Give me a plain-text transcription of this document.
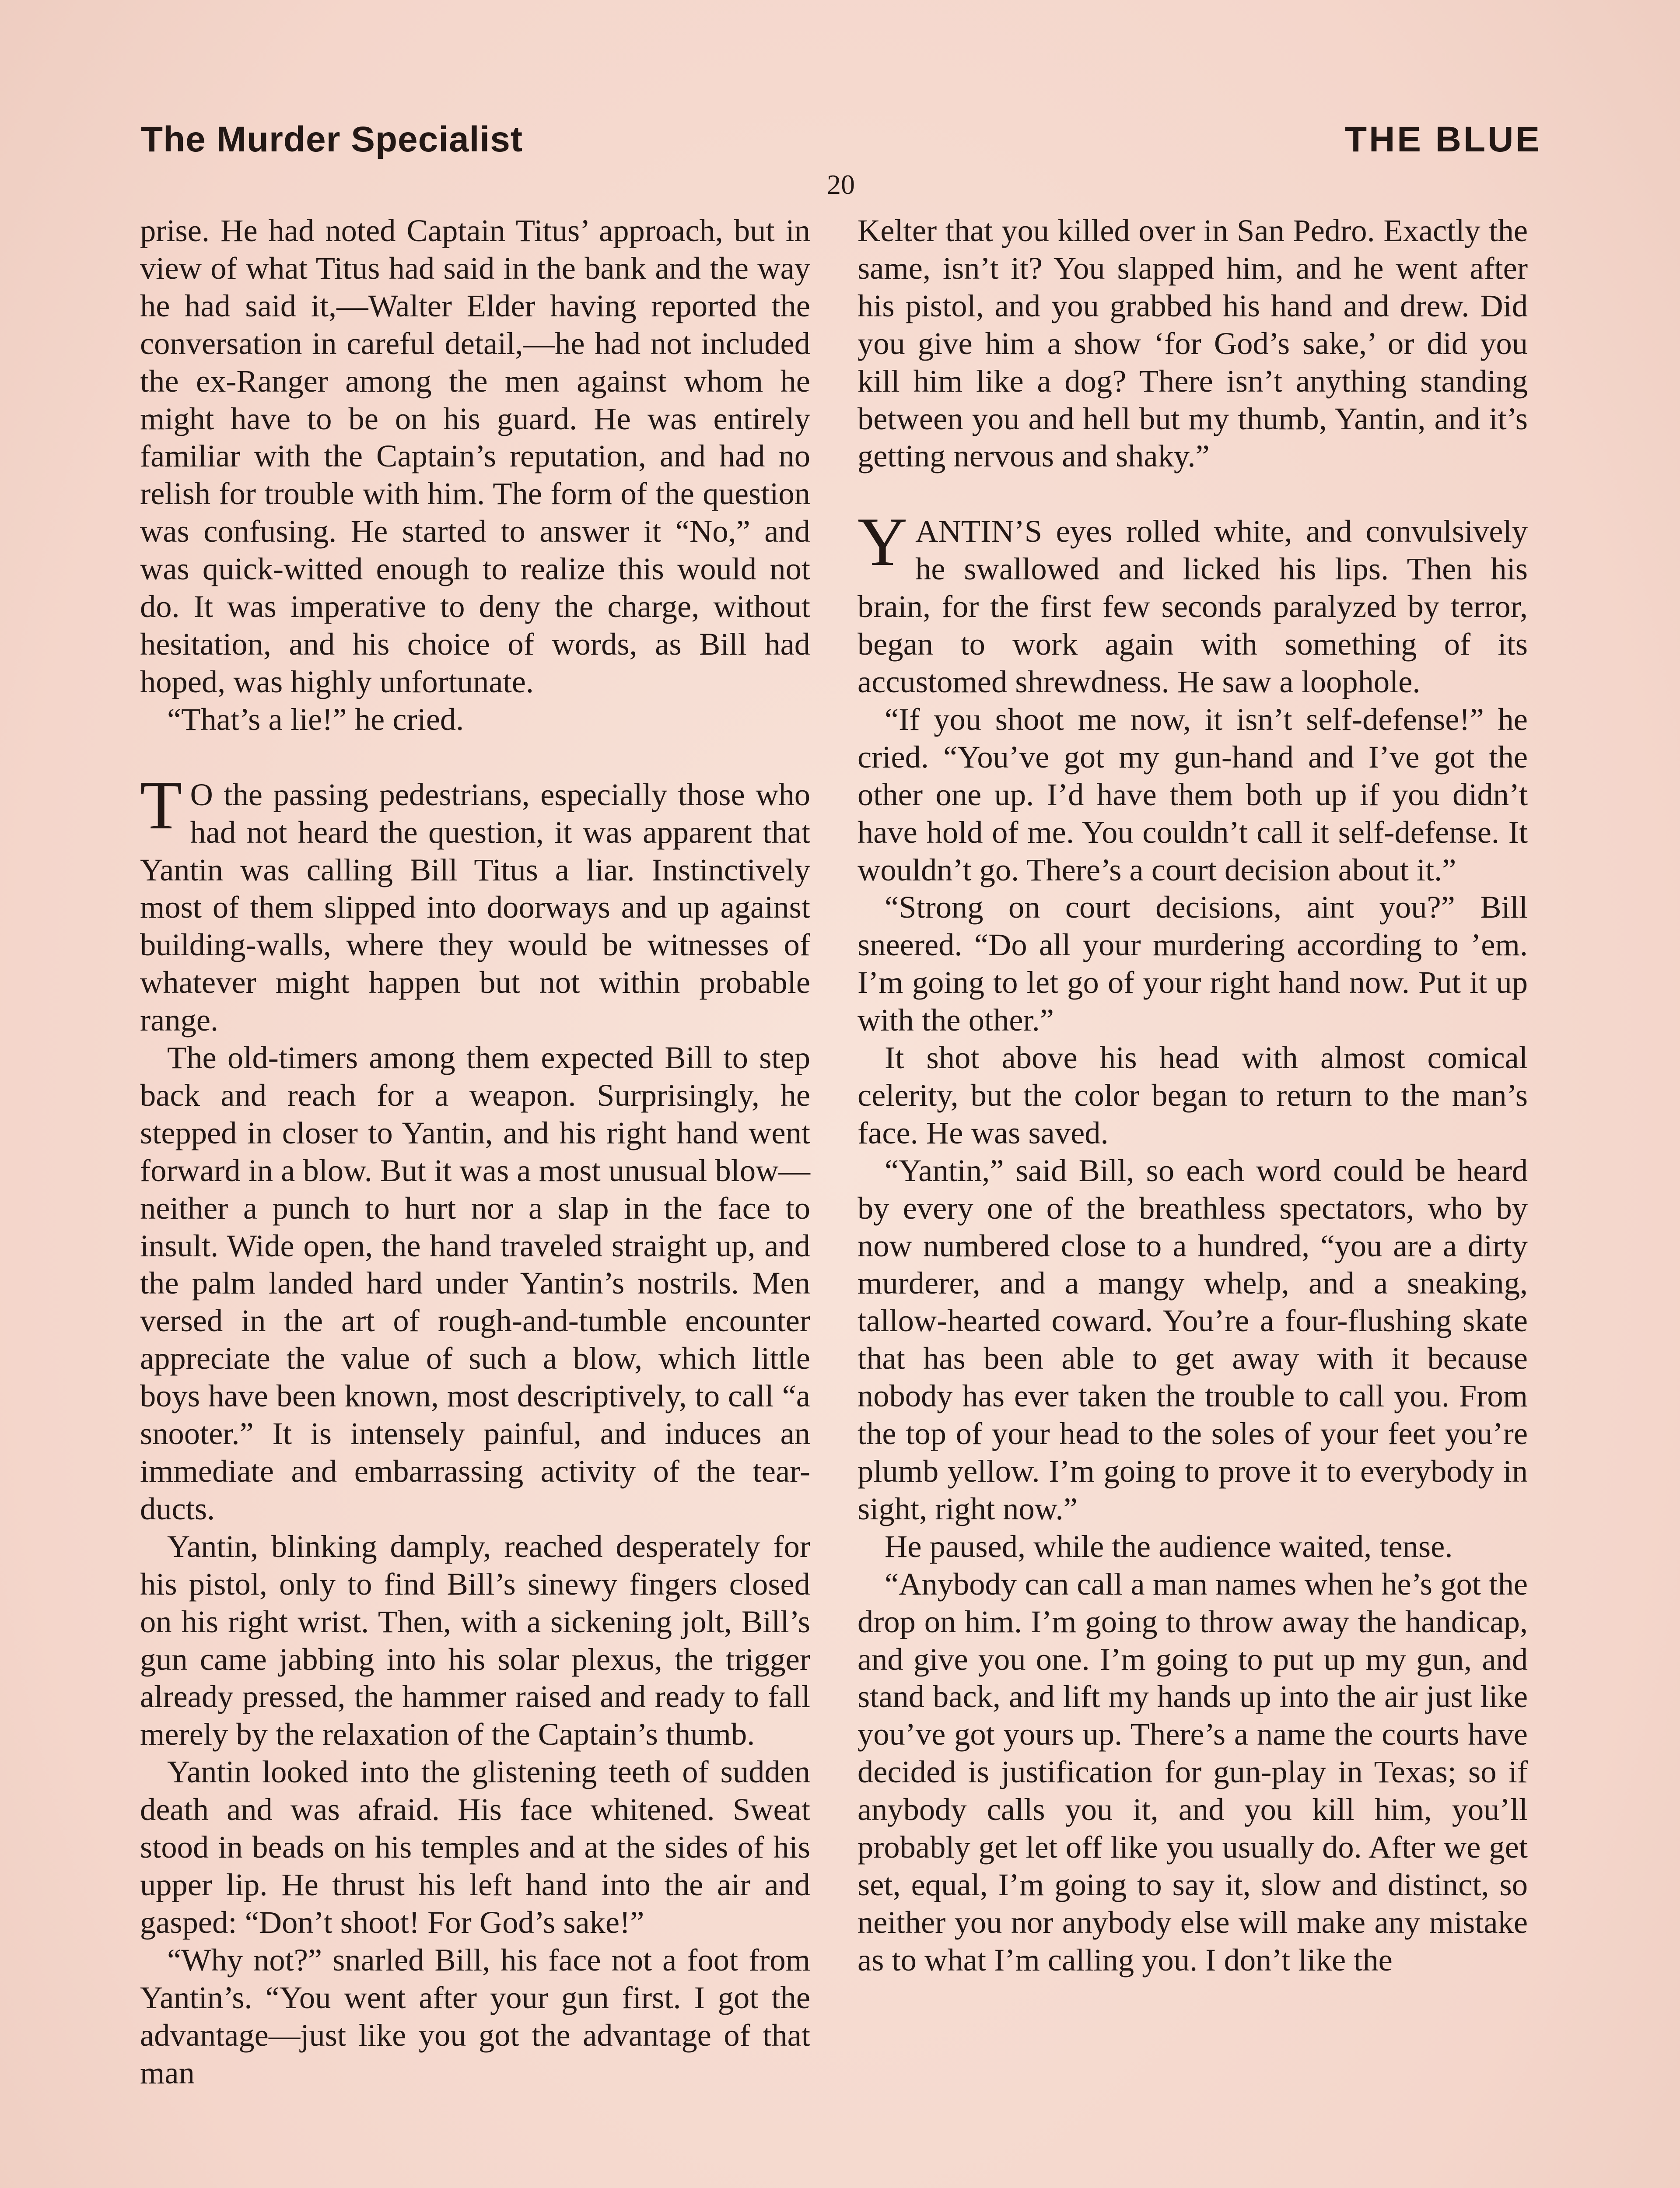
The Murder Specialist	THE BLUE
20

prise. He had noted Captain Titus’ approach, but in view of what Titus had said in the bank and the way he had said it,—Walter Elder having reported the conversation in careful detail,—he had not included the ex-Ranger among the men against whom he might have to be on his guard. He was entirely familiar with the Captain’s reputation, and had no relish for trouble with him. The form of the question was confusing. He started to answer it “No,” and was quick-witted enough to realize this would not do. It was imperative to deny the charge, without hesitation, and his choice of words, as Bill had hoped, was highly unfortunate.

“That’s a lie!” he cried.

T O the passing pedestrians, especially those who had not heard the question, it was apparent that Yantin was calling Bill Titus a liar. Instinctively most of them slipped into doorways and up against building-walls, where they would be witnesses of whatever might happen but not within probable range.

The old-timers among them expected Bill to step back and reach for a weapon. Surprisingly, he stepped in closer to Yantin, and his right hand went forward in a blow. But it was a most unusual blow—neither a punch to hurt nor a slap in the face to insult. Wide open, the hand traveled straight up, and the palm landed hard under Yantin’s nostrils. Men versed in the art of rough-and-tumble encounter appreciate the value of such a blow, which little boys have been known, most descriptively, to call “a snooter.” It is intensely painful, and induces an immediate and embarrassing activity of the tear-ducts.

Yantin, blinking damply, reached desperately for his pistol, only to find Bill’s sinewy fingers closed on his right wrist. Then, with a sickening jolt, Bill’s gun came jabbing into his solar plexus, the trigger already pressed, the hammer raised and ready to fall merely by the relaxation of the Captain’s thumb.

Yantin looked into the glistening teeth of sudden death and was afraid. His face whitened. Sweat stood in beads on his temples and at the sides of his upper lip. He thrust his left hand into the air and gasped: “Don’t shoot! For God’s sake!”

“Why not?” snarled Bill, his face not a foot from Yantin’s. “You went after your gun first. I got the advantage—just like you got the advantage of that man

Kelter that you killed over in San Pedro. Exactly the same, isn’t it? You slapped him, and he went after his pistol, and you grabbed his hand and drew. Did you give him a show ‘for God’s sake,’ or did you kill him like a dog? There isn’t anything standing between you and hell but my thumb, Yantin, and it’s getting nervous and shaky.”

YANTIN’S eyes rolled white, and convulsively he swallowed and licked his lips. Then his brain, for the first few seconds paralyzed by terror, began to work again with something of its accustomed shrewdness. He saw a loophole.

“If you shoot me now, it isn’t self-defense!” he cried. “You’ve got my gun-hand and I’ve got the other one up. I’d have them both up if you didn’t have hold of me. You couldn’t call it self-defense. It wouldn’t go. There’s a court decision about it.”

“Strong on court decisions, aint you?” Bill sneered. “Do all your murdering according to ’em. I’m going to let go of your right hand now. Put it up with the other.”

It shot above his head with almost comical celerity, but the color began to return to the man’s face. He was saved.

“Yantin,” said Bill, so each word could be heard by every one of the breathless spectators, who by now numbered close to a hundred, “you are a dirty murderer, and a mangy whelp, and a sneaking, tallow-hearted coward. You’re a four-flushing skate that has been able to get away with it because nobody has ever taken the trouble to call you. From the top of your head to the soles of your feet you’re plumb yellow. I’m going to prove it to everybody in sight, right now.”

He paused, while the audience waited, tense.

“Anybody can call a man names when he’s got the drop on him. I’m going to throw away the handicap, and give you one. I’m going to put up my gun, and stand back, and lift my hands up into the air just like you’ve got yours up. There’s a name the courts have decided is justification for gun-play in Texas; so if anybody calls you it, and you kill him, you’ll probably get let off like you usually do. After we get set, equal, I’m going to say it, slow and distinct, so neither you nor anybody else will make any mistake as to what I’m calling you. I don’t like the
